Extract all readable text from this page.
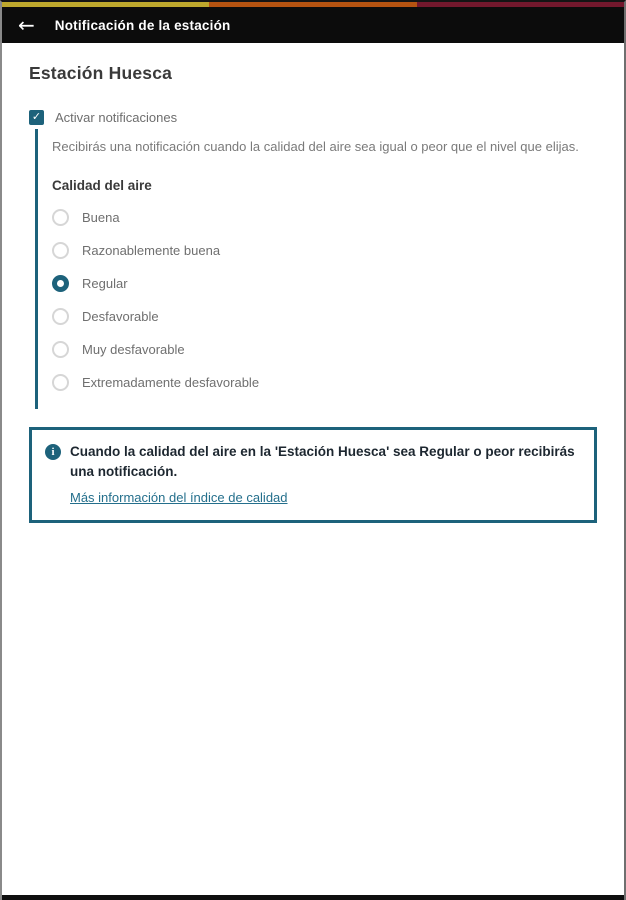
← Notificación de la estación
Estación Huesca
✓ Activar notificaciones

Recibirás una notificación cuando la calidad del aire sea igual o peor que el nivel que elijas.

Calidad del aire
Buena
Razonablemente buena
Regular
Desfavorable
Muy desfavorable
Extremadamente desfavorable
i	Cuando la calidad del aire en la 'Estación Huesca' sea Regular o peor recibirás una notificación.
Más información del índice de calidad
